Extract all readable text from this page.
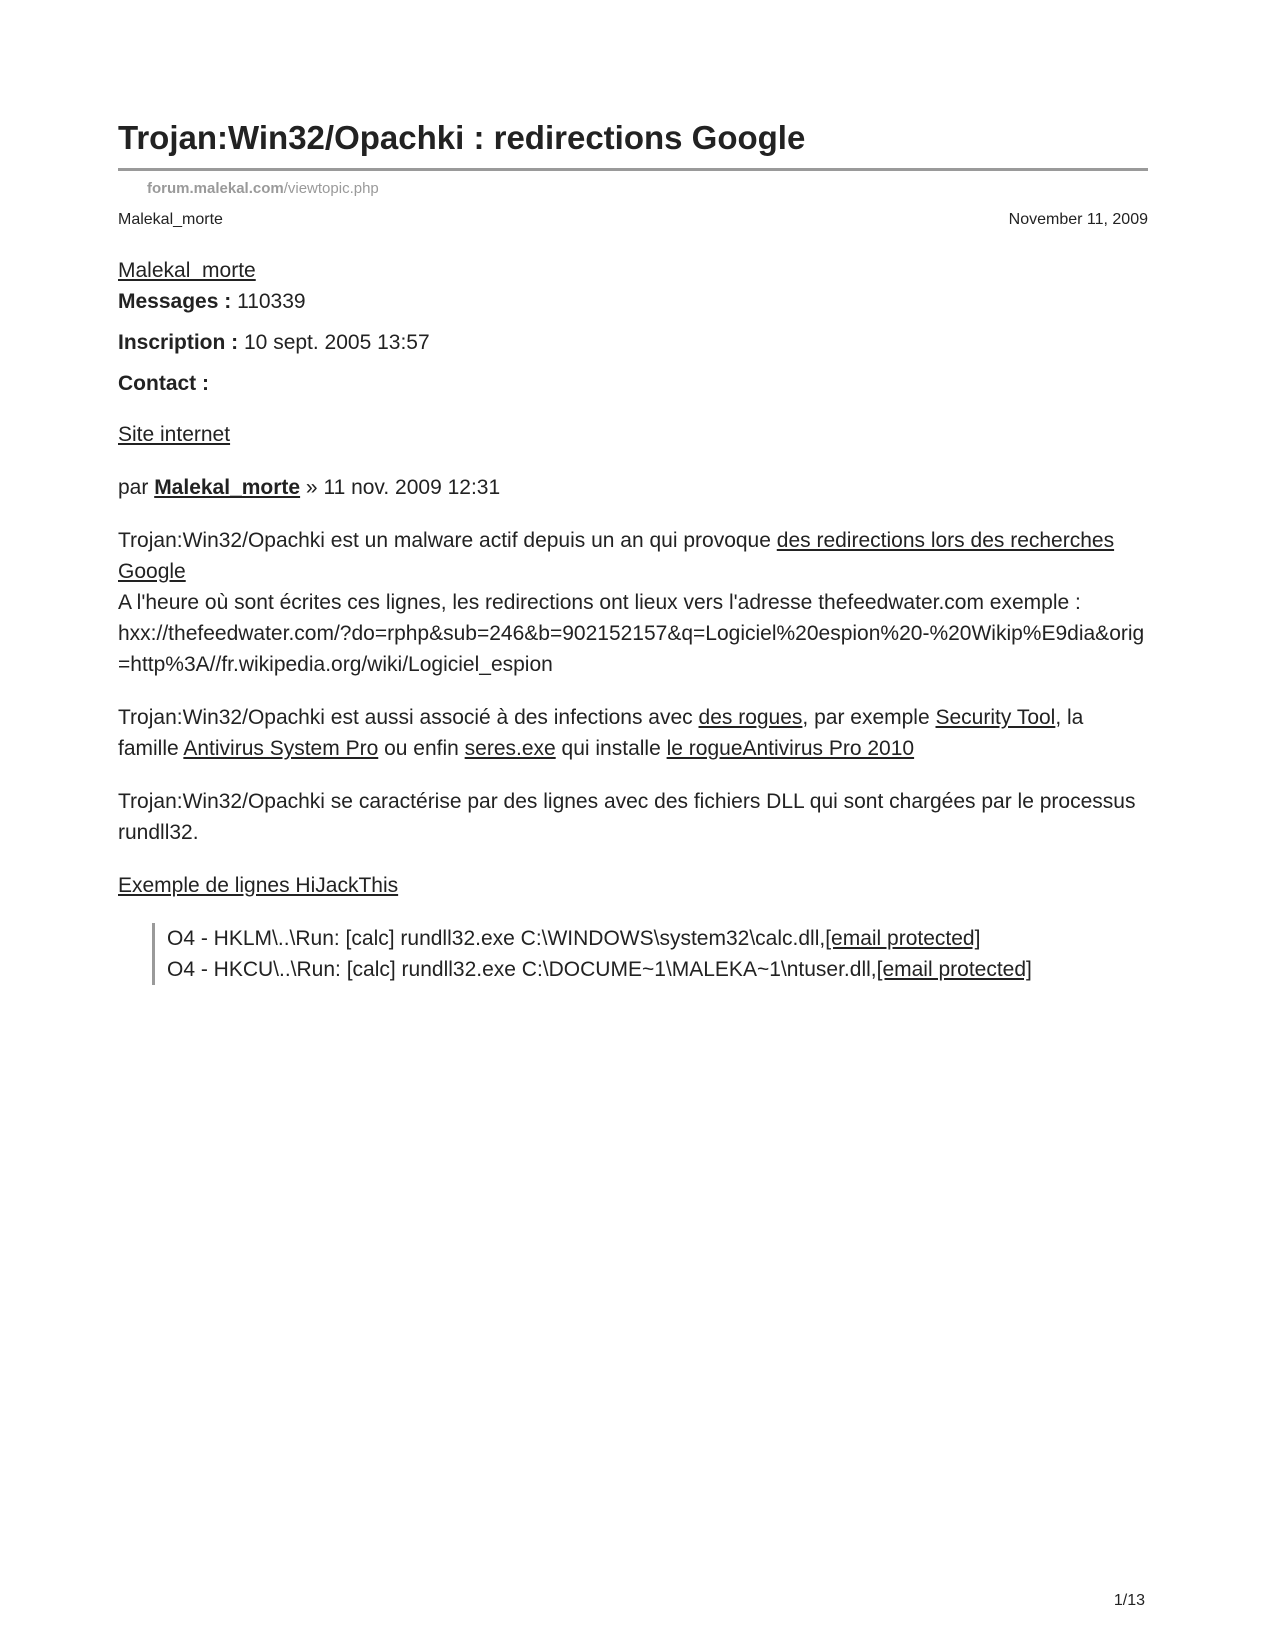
Trojan:Win32/Opachki : redirections Google
forum.malekal.com/viewtopic.php
Malekal_morte	November 11, 2009
Malekal_morte
Messages : 110339
Inscription : 10 sept. 2005 13:57
Contact :

Site internet

par Malekal_morte » 11 nov. 2009 12:31

Trojan:Win32/Opachki est un malware actif depuis un an qui provoque des redirections lors des recherches Google
A l'heure où sont écrites ces lignes, les redirections ont lieux vers l'adresse thefeedwater.com exemple :
hxx://thefeedwater.com/?do=rphp&sub=246&b=902152157&q=Logiciel%20espion%20-%20Wikip%E9dia&orig=http%3A//fr.wikipedia.org/wiki/Logiciel_espion

Trojan:Win32/Opachki est aussi associé à des infections avec des rogues, par exemple Security Tool, la famille Antivirus System Pro ou enfin seres.exe qui installe le rogueAntivirus Pro 2010

Trojan:Win32/Opachki se caractérise par des lignes avec des fichiers DLL qui sont chargées par le processus rundll32.

Exemple de lignes HiJackThis

O4 - HKLM\..\Run: [calc] rundll32.exe C:\WINDOWS\system32\calc.dll,[email protected]
O4 - HKCU\..\Run: [calc] rundll32.exe C:\DOCUME~1\MALEKA~1\ntuser.dll,[email protected]
1/13
